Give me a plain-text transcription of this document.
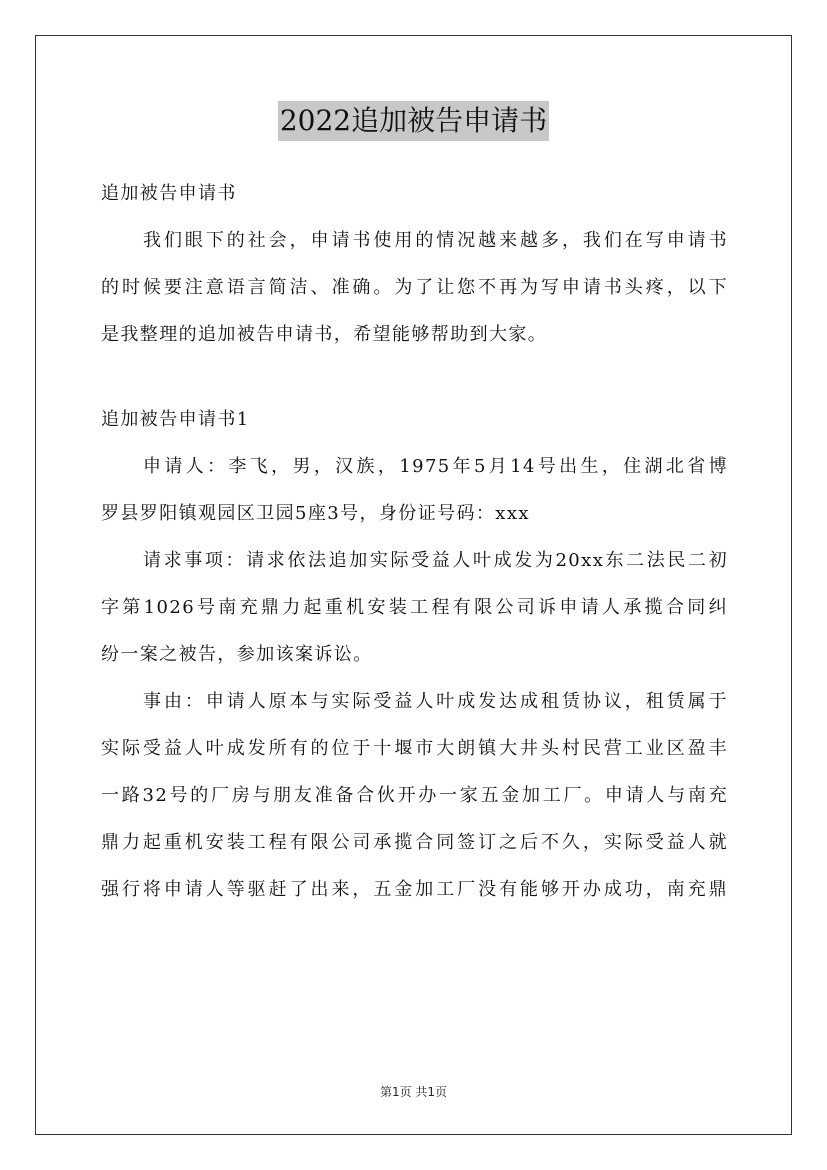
2022追加被告申请书
追加被告申请书
我们眼下的社会，申请书使用的情况越来越多，我们在写申请书
的时候要注意语言简洁、准确。为了让您不再为写申请书头疼，以下
是我整理的追加被告申请书，希望能够帮助到大家。
追加被告申请书1
申请人：李飞，男，汉族，1975年5月14号出生，住湖北省博
罗县罗阳镇观园区卫园5座3号，身份证号码：xxx
请求事项：请求依法追加实际受益人叶成发为20xx东二法民二初
字第1026号南充鼎力起重机安装工程有限公司诉申请人承揽合同纠
纷一案之被告，参加该案诉讼。
事由：申请人原本与实际受益人叶成发达成租赁协议，租赁属于
实际受益人叶成发所有的位于十堰市大朗镇大井头村民营工业区盈丰
一路32号的厂房与朋友准备合伙开办一家五金加工厂。申请人与南充
鼎力起重机安装工程有限公司承揽合同签订之后不久，实际受益人就
强行将申请人等驱赶了出来，五金加工厂没有能够开办成功，南充鼎
第1页 共1页
